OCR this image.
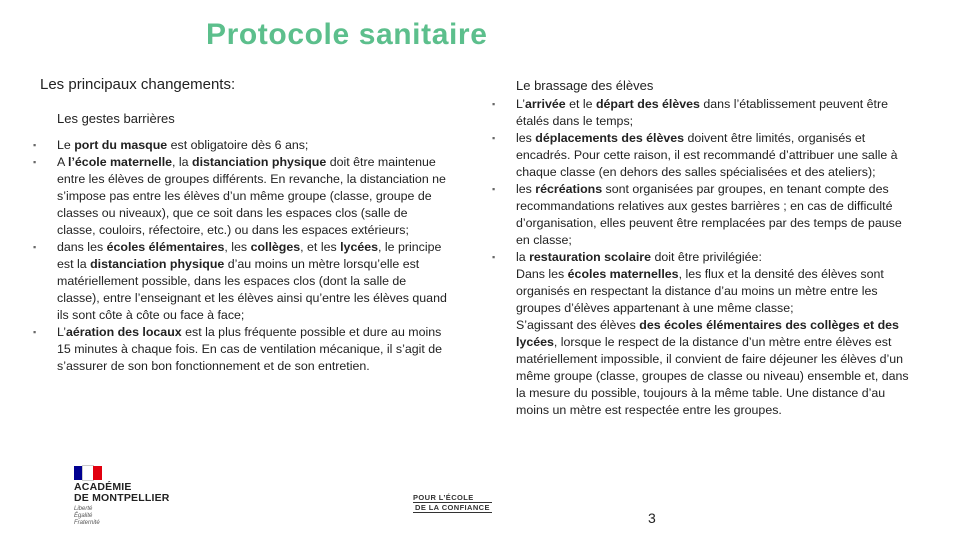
Protocole sanitaire
Les principaux changements:
Les gestes barrières
▪ Le port du masque est obligatoire dès 6 ans;
▪ A l’école maternelle, la distanciation physique doit être maintenue entre les élèves de groupes différents. En revanche, la distanciation ne s’impose pas entre les élèves d’un même groupe (classe, groupe de classes ou niveaux), que ce soit dans les espaces clos (salle de classe, couloirs, réfectoire, etc.) ou dans les espaces extérieurs;
▪ dans les écoles élémentaires, les collèges, et les lycées, le principe est la distanciation physique d’au moins un mètre lorsqu’elle est matériellement possible, dans les espaces clos (dont la salle de classe), entre l’enseignant et les élèves ainsi qu’entre les élèves quand ils sont côte à côte ou face à face;
▪ L’aération des locaux est la plus fréquente possible et dure au moins 15 minutes à chaque fois. En cas de ventilation mécanique, il s’agit de s’assurer de son bon fonctionnement et de son entretien.
Le brassage des élèves
▪ L’arrivée et le départ des élèves dans l’établissement peuvent être étalés dans le temps;
▪ les déplacements des élèves doivent être limités, organisés et encadrés. Pour cette raison, il est recommandé d’attribuer une salle à chaque classe (en dehors des salles spécialisées et des ateliers);
▪ les récréations sont organisées par groupes, en tenant compte des recommandations relatives aux gestes barrières ; en cas de difficulté d’organisation, elles peuvent être remplacées par des temps de pause en classe;
▪ la restauration scolaire doit être privilégiée:
Dans les écoles maternelles, les flux et la densité des élèves sont organisés en respectant la distance d’au moins un mètre entre les groupes d’élèves appartenant à une même classe;
S’agissant des élèves des écoles élémentaires des collèges et des lycées, lorsque le respect de la distance d’un mètre entre élèves est matériellement impossible, il convient de faire déjeuner les élèves d’un même groupe (classe, groupes de classe ou niveau) ensemble et, dans la mesure du possible, toujours à la même table. Une distance d’au moins un mètre est respectée entre les groupes.
ACADÉMIE
DE MONTPELLIER
Liberté
Égalité
Fraternité
POUR L’ÉCOLE
DE LA CONFIANCE
3
